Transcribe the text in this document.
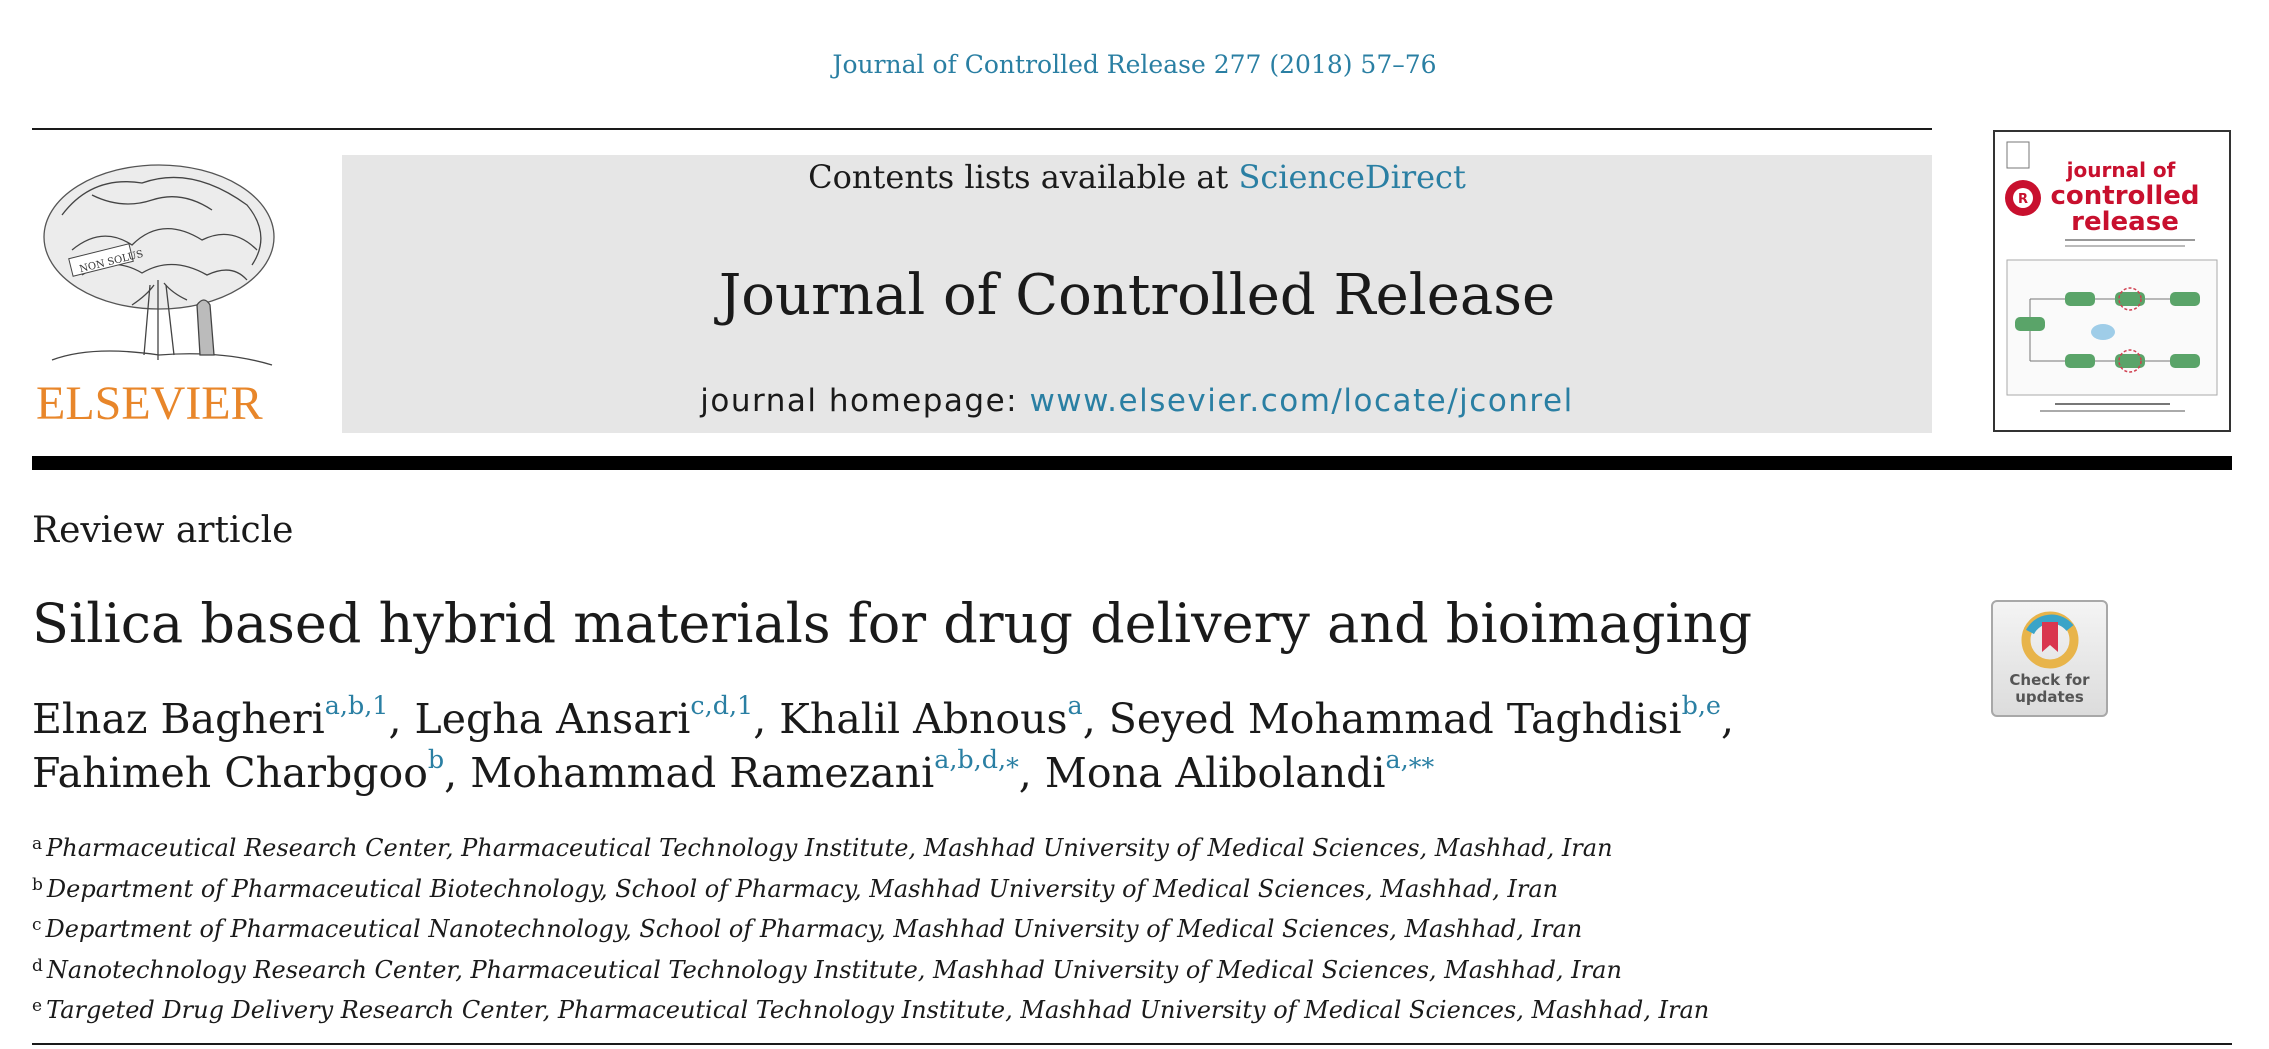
Journal of Controlled Release 277 (2018) 57–76
NON SOLUS
ELSEVIER
Contents lists available at ScienceDirect
Journal of Controlled Release
journal homepage: www.elsevier.com/locate/jconrel
R
journal of
controlled
release
Review article
Silica based hybrid materials for drug delivery and bioimaging
Check for
updates
Elnaz Bagheri$^{a,b,1}$, Legha Ansari$^{c,d,1}$, Khalil Abnous$^a$, Seyed Mohammad Taghdisi$^{b,e}$,
Fahimeh Charbgoo$^b$, Mohammad Ramezani$^{a,b,d,⁎}$, Mona Alibolandi$^{a,⁎⁎}$
$^a$ Pharmaceutical Research Center, Pharmaceutical Technology Institute, Mashhad University of Medical Sciences, Mashhad, Iran
$^b$ Department of Pharmaceutical Biotechnology, School of Pharmacy, Mashhad University of Medical Sciences, Mashhad, Iran
$^c$ Department of Pharmaceutical Nanotechnology, School of Pharmacy, Mashhad University of Medical Sciences, Mashhad, Iran
$^d$ Nanotechnology Research Center, Pharmaceutical Technology Institute, Mashhad University of Medical Sciences, Mashhad, Iran
$^e$ Targeted Drug Delivery Research Center, Pharmaceutical Technology Institute, Mashhad University of Medical Sciences, Mashhad, Iran
